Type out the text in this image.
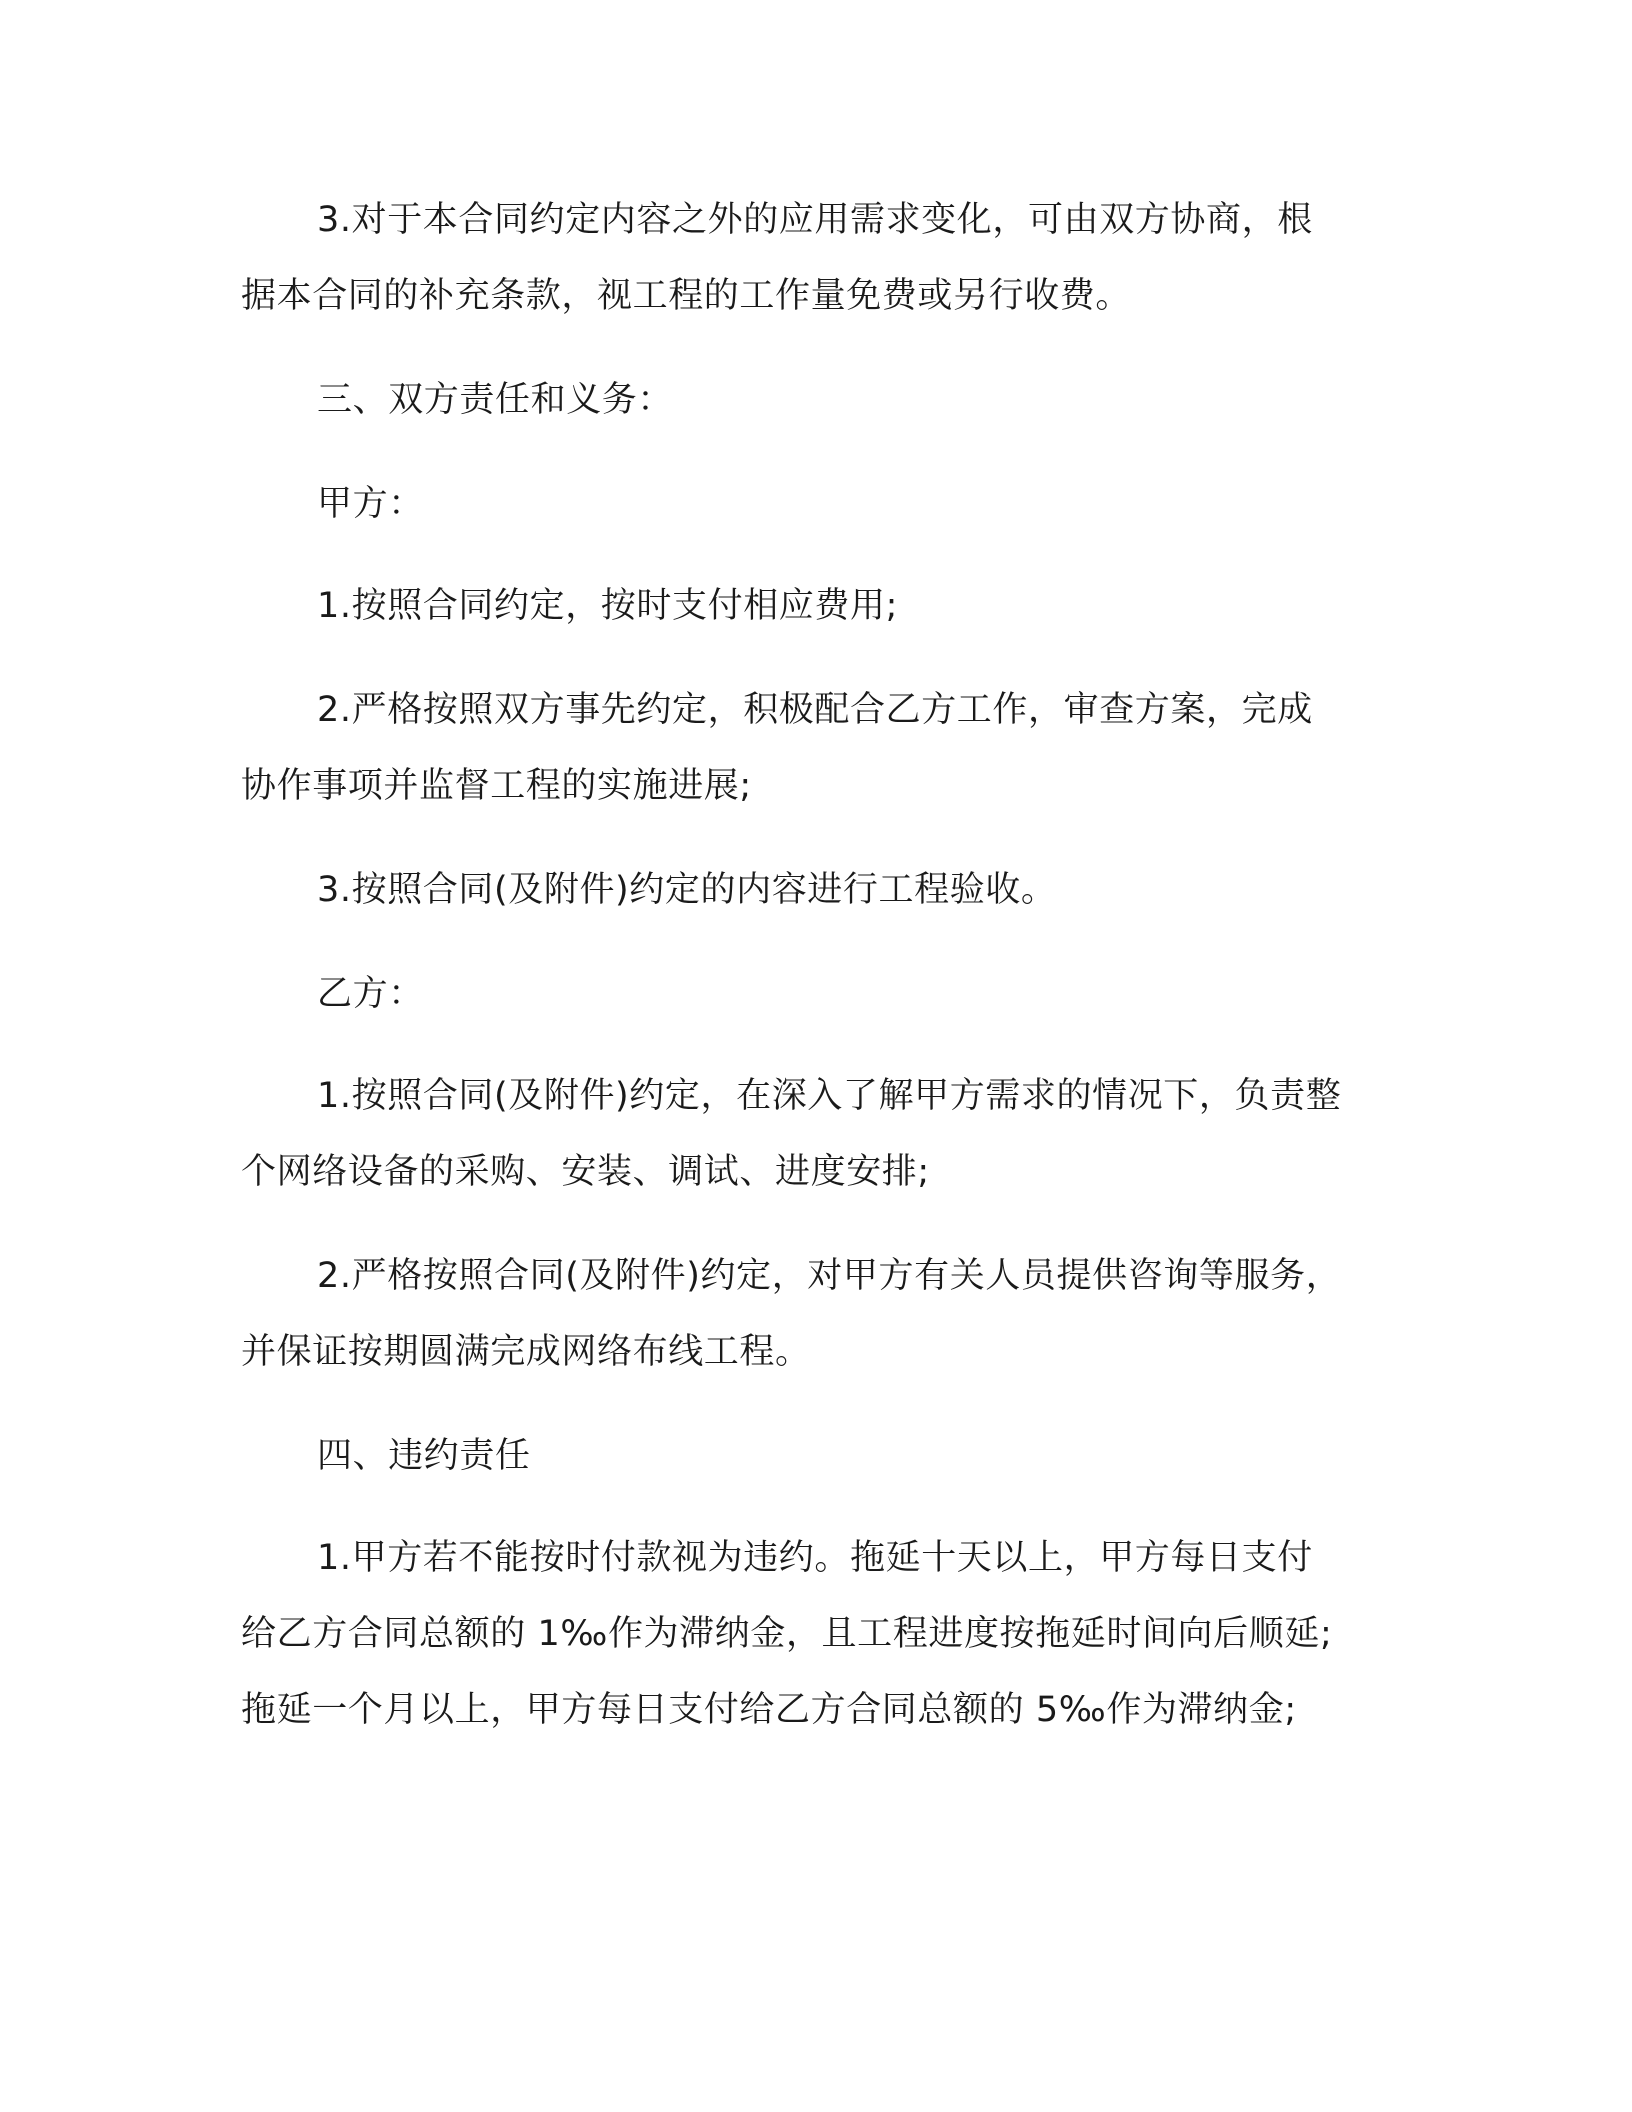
3.对于本合同约定内容之外的应用需求变化，可由双方协商，根

据本合同的补充条款，视工程的工作量免费或另行收费。

三、双方责任和义务：

甲方：

1.按照合同约定，按时支付相应费用;

2.严格按照双方事先约定，积极配合乙方工作，审查方案，完成

协作事项并监督工程的实施进展;

3.按照合同(及附件)约定的内容进行工程验收。

乙方：

1.按照合同(及附件)约定，在深入了解甲方需求的情况下，负责整

个网络设备的采购、安装、调试、进度安排;

2.严格按照合同(及附件)约定，对甲方有关人员提供咨询等服务，

并保证按期圆满完成网络布线工程。

四、违约责任

1.甲方若不能按时付款视为违约。拖延十天以上，甲方每日支付

给乙方合同总额的 1‰作为滞纳金，且工程进度按拖延时间向后顺延;

拖延一个月以上，甲方每日支付给乙方合同总额的 5‰作为滞纳金;
